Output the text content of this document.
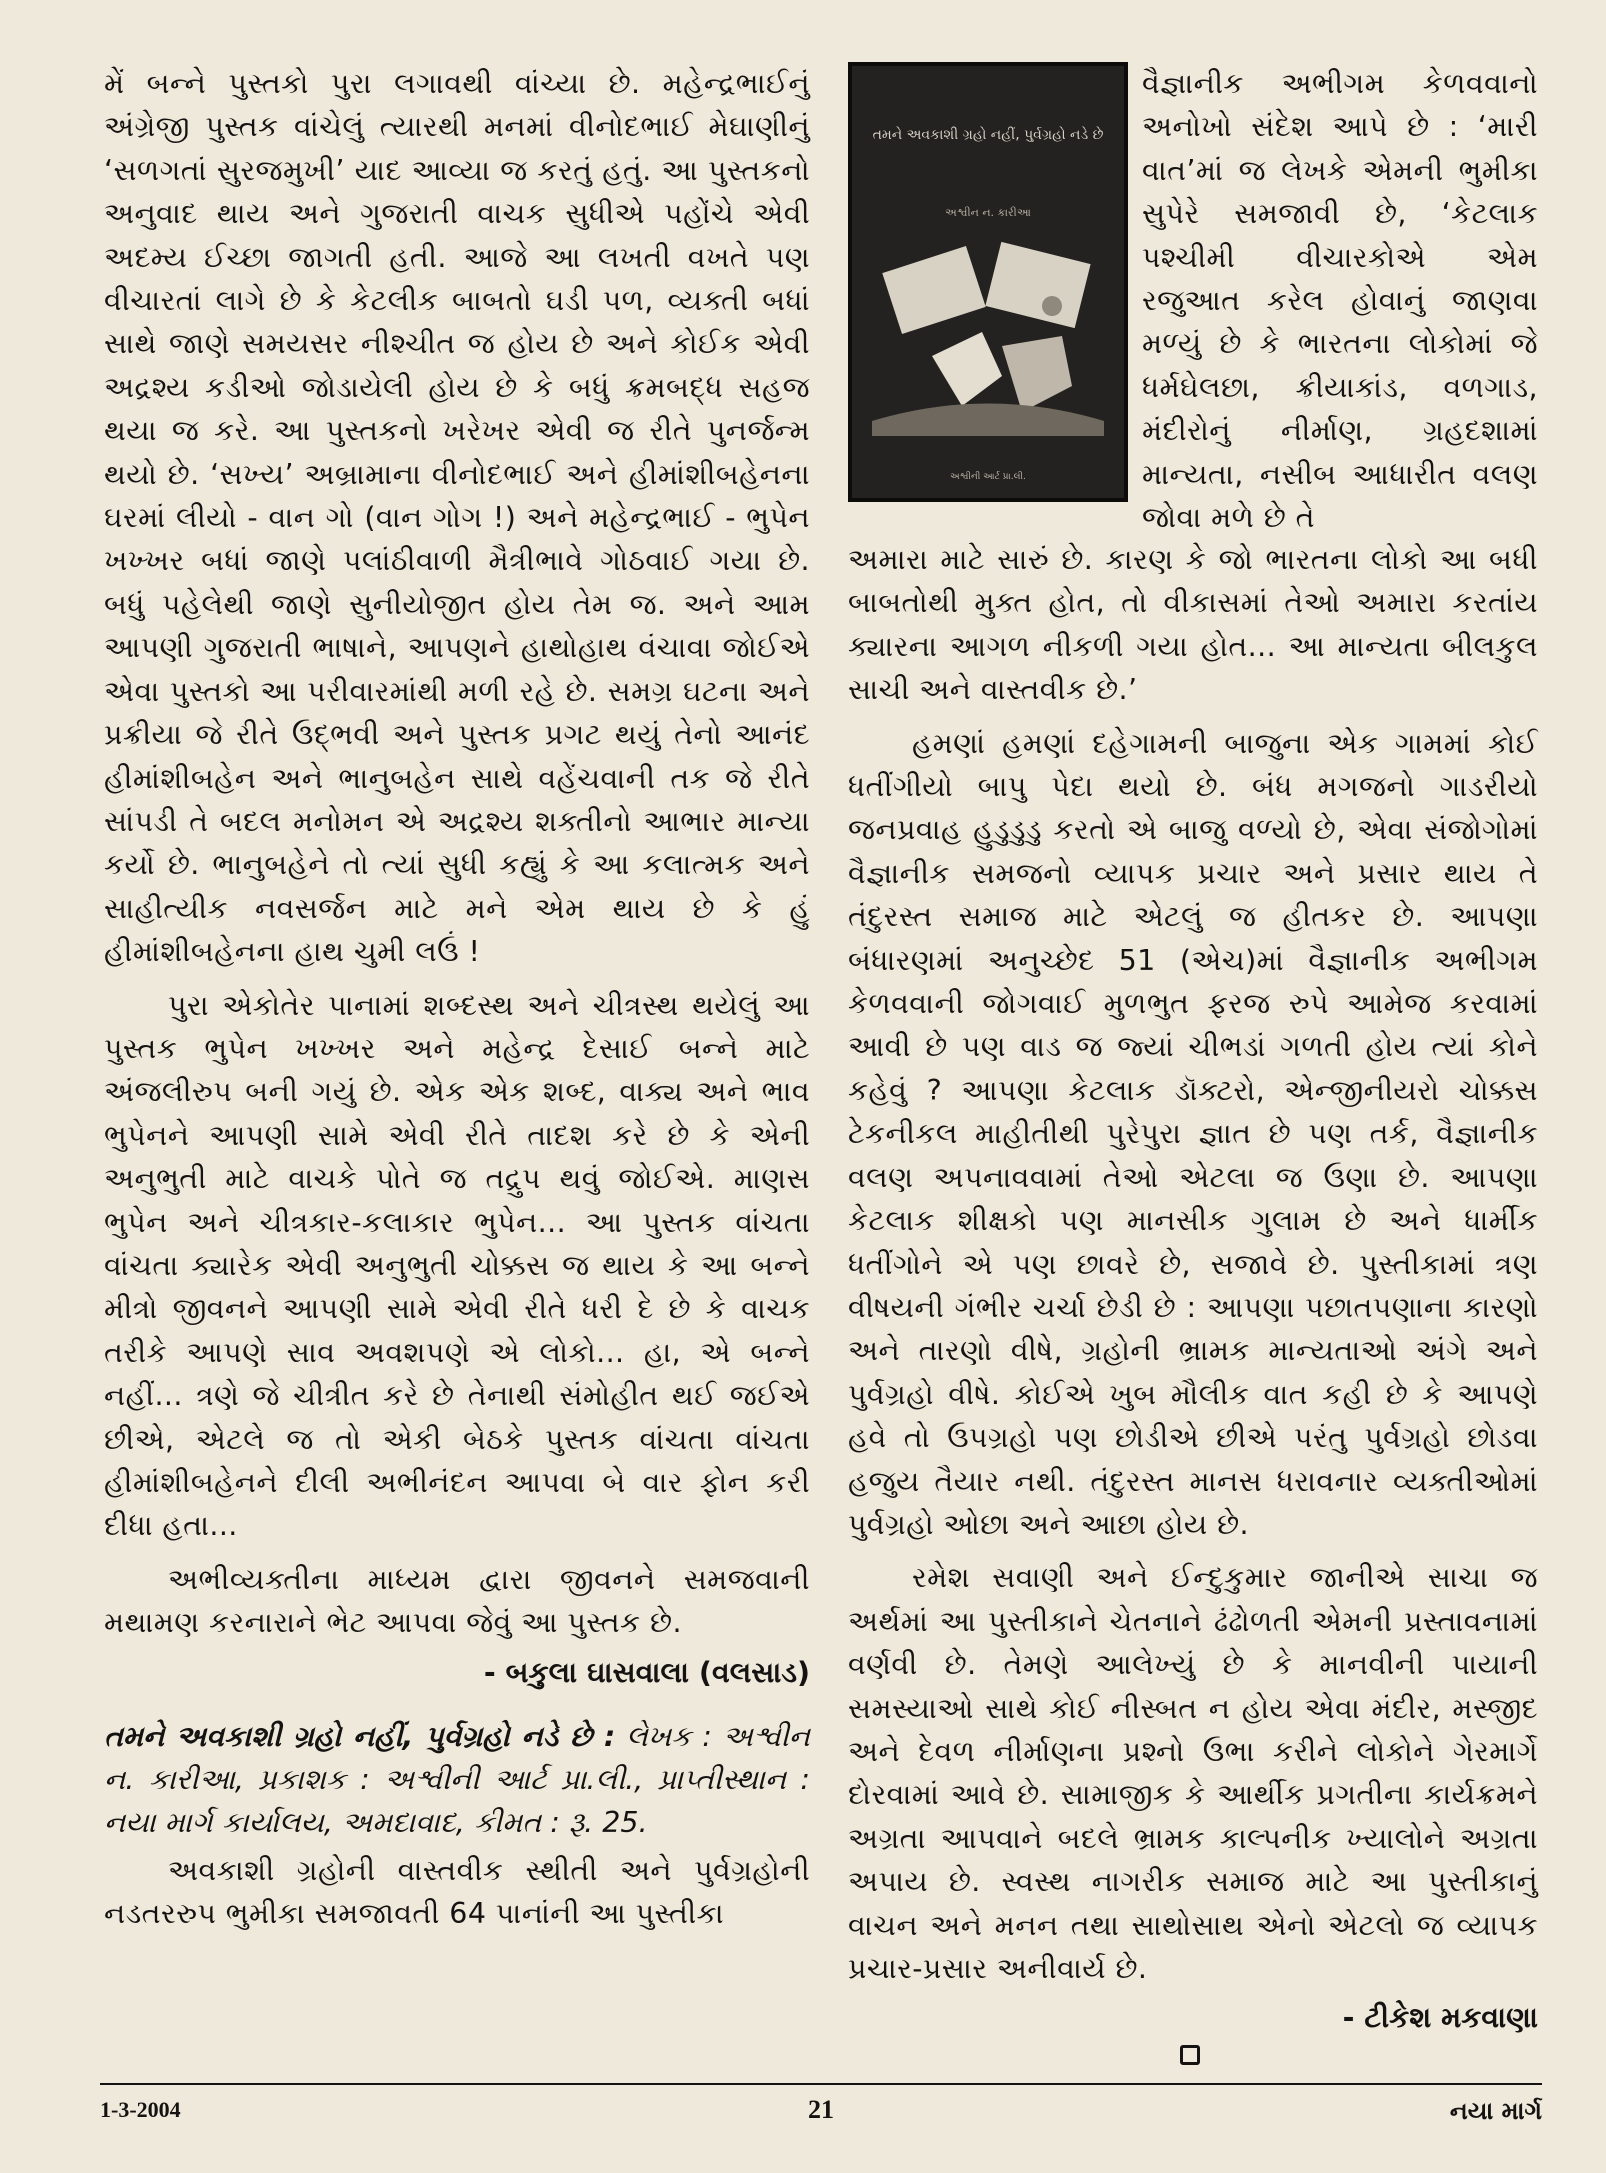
મેં બન્ને પુસ્તકો પુરા લગાવથી વાંચ્યા છે. મહેન્દ્રભાઈનું અંગ્રેજી પુસ્તક વાંચેલું ત્યારથી મનમાં વીનોદભાઈ મેઘાણીનું ‘સળગતાં સુરજમુખી’ યાદ આવ્યા જ કરતું હતું. આ પુસ્તકનો અનુવાદ થાય અને ગુજરાતી વાચક સુધીએ પહોંચે એવી અદમ્ય ઈચ્છા જાગતી હતી. આજે આ લખતી વખતે પણ વીચારતાં લાગે છે કે કેટલીક બાબતો ઘડી પળ, વ્યક્તી બધાં સાથે જાણે સમયસર નીશ્ચીત જ હોય છે અને કોઈક એવી અદ્રશ્ય કડીઓ જોડાયેલી હોય છે કે બધું ક્રમબદ્ધ સહજ થયા જ કરે. આ પુસ્તકનો ખરેખર એવી જ રીતે પુનર્જન્મ થયો છે. ‘સખ્ય’ અબ્રામાના વીનોદભાઈ અને હીમાંશીબહેનના ઘરમાં લીયો - વાન ગો (વાન ગોગ !) અને મહેન્દ્રભાઈ - ભુપેન ખખ્ખર બધાં જાણે પલાંઠીવાળી મૈત્રીભાવે ગોઠવાઈ ગયા છે. બધું પહેલેથી જાણે સુનીયોજીત હોય તેમ જ. અને આમ આપણી ગુજરાતી ભાષાને, આપણને હાથોહાથ વંચાવા જોઈએ એવા પુસ્તકો આ પરીવારમાંથી મળી રહે છે. સમગ્ર ઘટના અને પ્રક્રીયા જે રીતે ઉદ્ભવી અને પુસ્તક પ્રગટ થયું તેનો આનંદ હીમાંશીબહેન અને ભાનુબહેન સાથે વહેંચવાની તક જે રીતે સાંપડી તે બદલ મનોમન એ અદ્રશ્ય શક્તીનો આભાર માન્યા કર્યો છે. ભાનુબહેને તો ત્યાં સુધી કહ્યું કે આ કલાત્મક અને સાહીત્યીક નવસર્જન માટે મને એમ થાય છે કે હું હીમાંશીબહેનના હાથ ચુમી લઉં !

પુરા એકોતેર પાનામાં શબ્દસ્થ અને ચીત્રસ્થ થયેલું આ પુસ્તક ભુપેન ખખ્ખર અને મહેન્દ્ર દેસાઈ બન્ને માટે અંજલીરુપ બની ગયું છે. એક એક શબ્દ, વાક્ય અને ભાવ ભુપેનને આપણી સામે એવી રીતે તાદશ કરે છે કે એની અનુભુતી માટે વાચકે પોતે જ તદ્રુપ થવું જોઈએ. માણસ ભુપેન અને ચીત્રકાર-કલાકાર ભુપેન... આ પુસ્તક વાંચતા વાંચતા ક્યારેક એવી અનુભુતી ચોક્કસ જ થાય કે આ બન્ને મીત્રો જીવનને આપણી સામે એવી રીતે ધરી દે છે કે વાચક તરીકે આપણે સાવ અવશપણે એ લોકો... હા, એ બન્ને નહીં... ત્રણે જે ચીત્રીત કરે છે તેનાથી સંમોહીત થઈ જઈએ છીએ, એટલે જ તો એકી બેઠકે પુસ્તક વાંચતા વાંચતા હીમાંશીબહેનને દીલી અભીનંદન આપવા બે વાર ફોન કરી દીધા હતા...

અભીવ્યક્તીના માધ્યમ દ્વારા જીવનને સમજવાની મથામણ કરનારાને ભેટ આપવા જેવું આ પુસ્તક છે.

- બકુલા ઘાસવાલા (વલસાડ)

તમને અવકાશી ગ્રહો નહીં, પુર્વગ્રહો નડે છે : લેખક : અશ્વીન ન. કારીઆ, પ્રકાશક : અશ્વીની આર્ટ પ્રા.લી., પ્રાપ્તીસ્થાન : નયા માર્ગ કાર્યાલય, અમદાવાદ, કીમત : રૂ. 25.

અવકાશી ગ્રહોની વાસ્તવીક સ્થીતી અને પુર્વગ્રહોની નડતરરુપ ભુમીકા સમજાવતી 64 પાનાંની આ પુસ્તીકા

તમને અવકાશી ગ્રહો નહીં, પુર્વગ્રહો નડે છે
અશ્વીન ન. કારીઆ
અશ્વીની આર્ટ પ્રા.લી.

વૈજ્ઞાનીક અભીગમ કેળવવાનો અનોખો સંદેશ આપે છે : ‘મારી વાત’માં જ લેખકે એમની ભુમીકા સુપેરે સમજાવી છે, ‘કેટલાક પશ્ચીમી વીચારકોએ એમ રજુઆત કરેલ હોવાનું જાણવા મળ્યું છે કે ભારતના લોકોમાં જે ધર્મઘેલછા, ક્રીયાકાંડ, વળગાડ, મંદીરોનું નીર્માણ, ગ્રહદશામાં માન્યતા, નસીબ આધારીત વલણ જોવા મળે છે તે

અમારા માટે સારું છે. કારણ કે જો ભારતના લોકો આ બધી બાબતોથી મુક્ત હોત, તો વીકાસમાં તેઓ અમારા કરતાંય ક્યારના આગળ નીકળી ગયા હોત... આ માન્યતા બીલકુલ સાચી અને વાસ્તવીક છે.’

હમણાં હમણાં દહેગામની બાજુના એક ગામમાં કોઈ ધતીંગીયો બાપુ પેદા થયો છે. બંધ મગજનો ગાડરીયો જનપ્રવાહ હુડુડુડુ કરતો એ બાજુ વળ્યો છે, એવા સંજોગોમાં વૈજ્ઞાનીક સમજનો વ્યાપક પ્રચાર અને પ્રસાર થાય તે તંદુરસ્ત સમાજ માટે એટલું જ હીતકર છે. આપણા બંધારણમાં અનુચ્છેદ 51 (એચ)માં વૈજ્ઞાનીક અભીગમ કેળવવાની જોગવાઈ મુળભુત ફરજ રુપે આમેજ કરવામાં આવી છે પણ વાડ જ જ્યાં ચીભડાં ગળતી હોય ત્યાં કોને કહેવું ? આપણા કેટલાક ડૉક્ટરો, એન્જીનીયરો ચોક્કસ ટેકનીકલ માહીતીથી પુરેપુરા જ્ઞાત છે પણ તર્ક, વૈજ્ઞાનીક વલણ અપનાવવામાં તેઓ એટલા જ ઉણા છે. આપણા કેટલાક શીક્ષકો પણ માનસીક ગુલામ છે અને ધાર્મીક ધતીંગોને એ પણ છાવરે છે, સજાવે છે. પુસ્તીકામાં ત્રણ વીષયની ગંભીર ચર્ચા છેડી છે : આપણા પછાતપણાના કારણો અને તારણો વીષે, ગ્રહોની ભ્રામક માન્યતાઓ અંગે અને પુર્વગ્રહો વીષે. કોઈએ ખુબ મૌલીક વાત કહી છે કે આપણે હવે તો ઉપગ્રહો પણ છોડીએ છીએ પરંતુ પુર્વગ્રહો છોડવા હજુય તૈયાર નથી. તંદુરસ્ત માનસ ધરાવનાર વ્યક્તીઓમાં પુર્વગ્રહો ઓછા અને આછા હોય છે.

રમેશ સવાણી અને ઈન્દુકુમાર જાનીએ સાચા જ અર્થમાં આ પુસ્તીકાને ચેતનાને ઢંઢોળતી એમની પ્રસ્તાવનામાં વર્ણવી છે. તેમણે આલેખ્યું છે કે માનવીની પાયાની સમસ્યાઓ સાથે કોઈ નીસ્બત ન હોય એવા મંદીર, મસ્જીદ અને દેવળ નીર્માણના પ્રશ્નો ઉભા કરીને લોકોને ગેરમાર્ગે દોરવામાં આવે છે. સામાજીક કે આર્થીક પ્રગતીના કાર્યક્રમને અગ્રતા આપવાને બદલે ભ્રામક કાલ્પનીક ખ્યાલોને અગ્રતા અપાય છે. સ્વસ્થ નાગરીક સમાજ માટે આ પુસ્તીકાનું વાચન અને મનન તથા સાથોસાથ એનો એટલો જ વ્યાપક પ્રચાર-પ્રસાર અનીવાર્ય છે.

- ટીકેશ મકવાણા
1-3-2004	21	નયા માર્ગ
